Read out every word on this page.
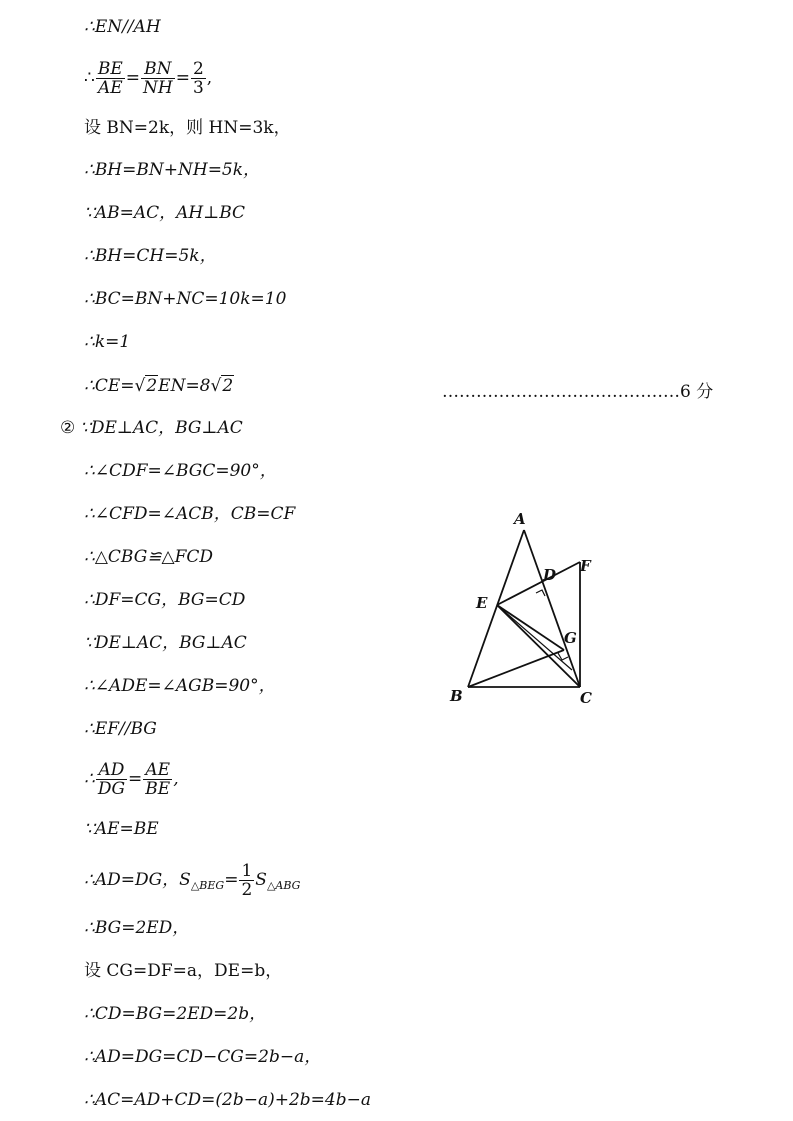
∴EN//AH
∴ $\frac{BE}{AE} = \frac{BN}{NH} = \frac{2}{3}$ ,
设 BN=2k，则 HN=3k，
∴BH=BN+NH=5k，
∵AB=AC，AH⊥BC
∴BH=CH=5k，
∴BC=BN+NC=10k=10
∴k=1
∴CE=√2EN=8√2	……………………………………6 分
② ∵DE⊥AC，BG⊥AC
∴∠CDF=∠BGC=90°，
∴∠CFD=∠ACB，CB=CF
∴△CBG≌△FCD
∴DF=CG，BG=CD
∵DE⊥AC，BG⊥AC
∴∠ADE=∠AGB=90°，
∴EF//BG
∴ $\frac{AD}{DG} = \frac{AE}{BE}$ ,
∵AE=BE
∴AD=DG，$S_{\triangle BEG}= \frac{1}{2} S_{\triangle ABG}$
∴BG=2ED，
设 CG=DF=a，DE=b，
∴CD=BG=2ED=2b，
∴AD=DG=CD−CG=2b−a，
∴AC=AD+CD=(2b−a)+2b=4b−a
A
B	C
D
E
F
G
